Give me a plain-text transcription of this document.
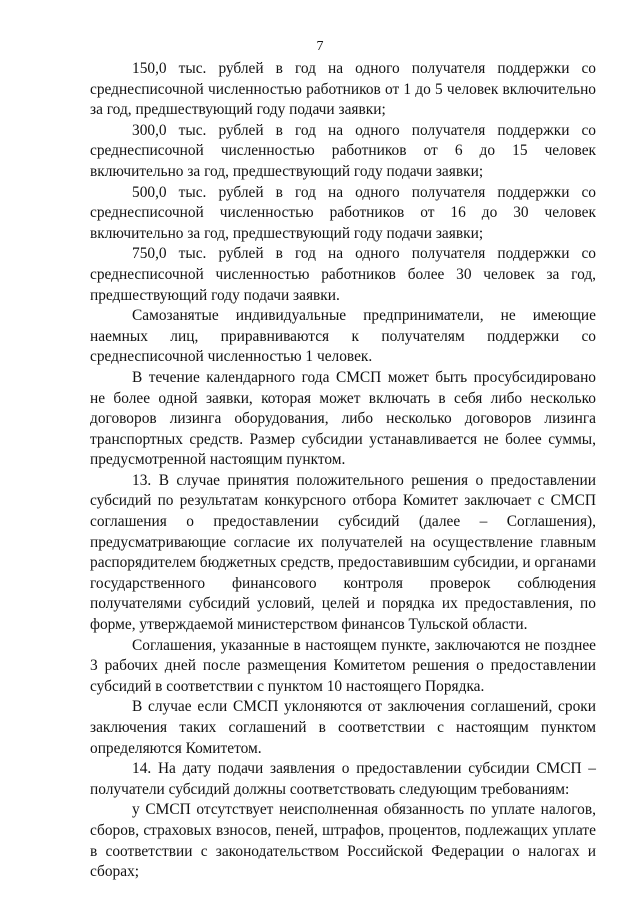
7

150,0 тыс. рублей в год на одного получателя поддержки со среднесписочной численностью работников от 1 до 5 человек включительно за год, предшествующий году подачи заявки;

300,0 тыс. рублей в год на одного получателя поддержки со среднесписочной численностью работников от 6 до 15 человек включительно за год, предшествующий году подачи заявки;

500,0 тыс. рублей в год на одного получателя поддержки со среднесписочной численностью работников от 16 до 30 человек включительно за год, предшествующий году подачи заявки;

750,0 тыс. рублей в год на одного получателя поддержки со среднесписочной численностью работников более 30 человек за год, предшествующий году подачи заявки.

Самозанятые индивидуальные предприниматели, не имеющие наемных лиц, приравниваются к получателям поддержки со среднесписочной численностью 1 человек.

В течение календарного года СМСП может быть просубсидировано не более одной заявки, которая может включать в себя либо несколько договоров лизинга оборудования, либо несколько договоров лизинга транспортных средств. Размер субсидии устанавливается не более суммы, предусмотренной настоящим пунктом.

13. В случае принятия положительного решения о предоставлении субсидий по результатам конкурсного отбора Комитет заключает с СМСП соглашения о предоставлении субсидий (далее – Соглашения), предусматривающие согласие их получателей на осуществление главным распорядителем бюджетных средств, предоставившим субсидии, и органами государственного финансового контроля проверок соблюдения получателями субсидий условий, целей и порядка их предоставления, по форме, утверждаемой министерством финансов Тульской области.

Соглашения, указанные в настоящем пункте, заключаются не позднее 3 рабочих дней после размещения Комитетом решения о предоставлении субсидий в соответствии с пунктом 10 настоящего Порядка.

В случае если СМСП уклоняются от заключения соглашений, сроки заключения таких соглашений в соответствии с настоящим пунктом определяются Комитетом.

14. На дату подачи заявления о предоставлении субсидии СМСП – получатели субсидий должны соответствовать следующим требованиям:

у СМСП отсутствует неисполненная обязанность по уплате налогов, сборов, страховых взносов, пеней, штрафов, процентов, подлежащих уплате в соответствии с законодательством Российской Федерации о налогах и сборах;
